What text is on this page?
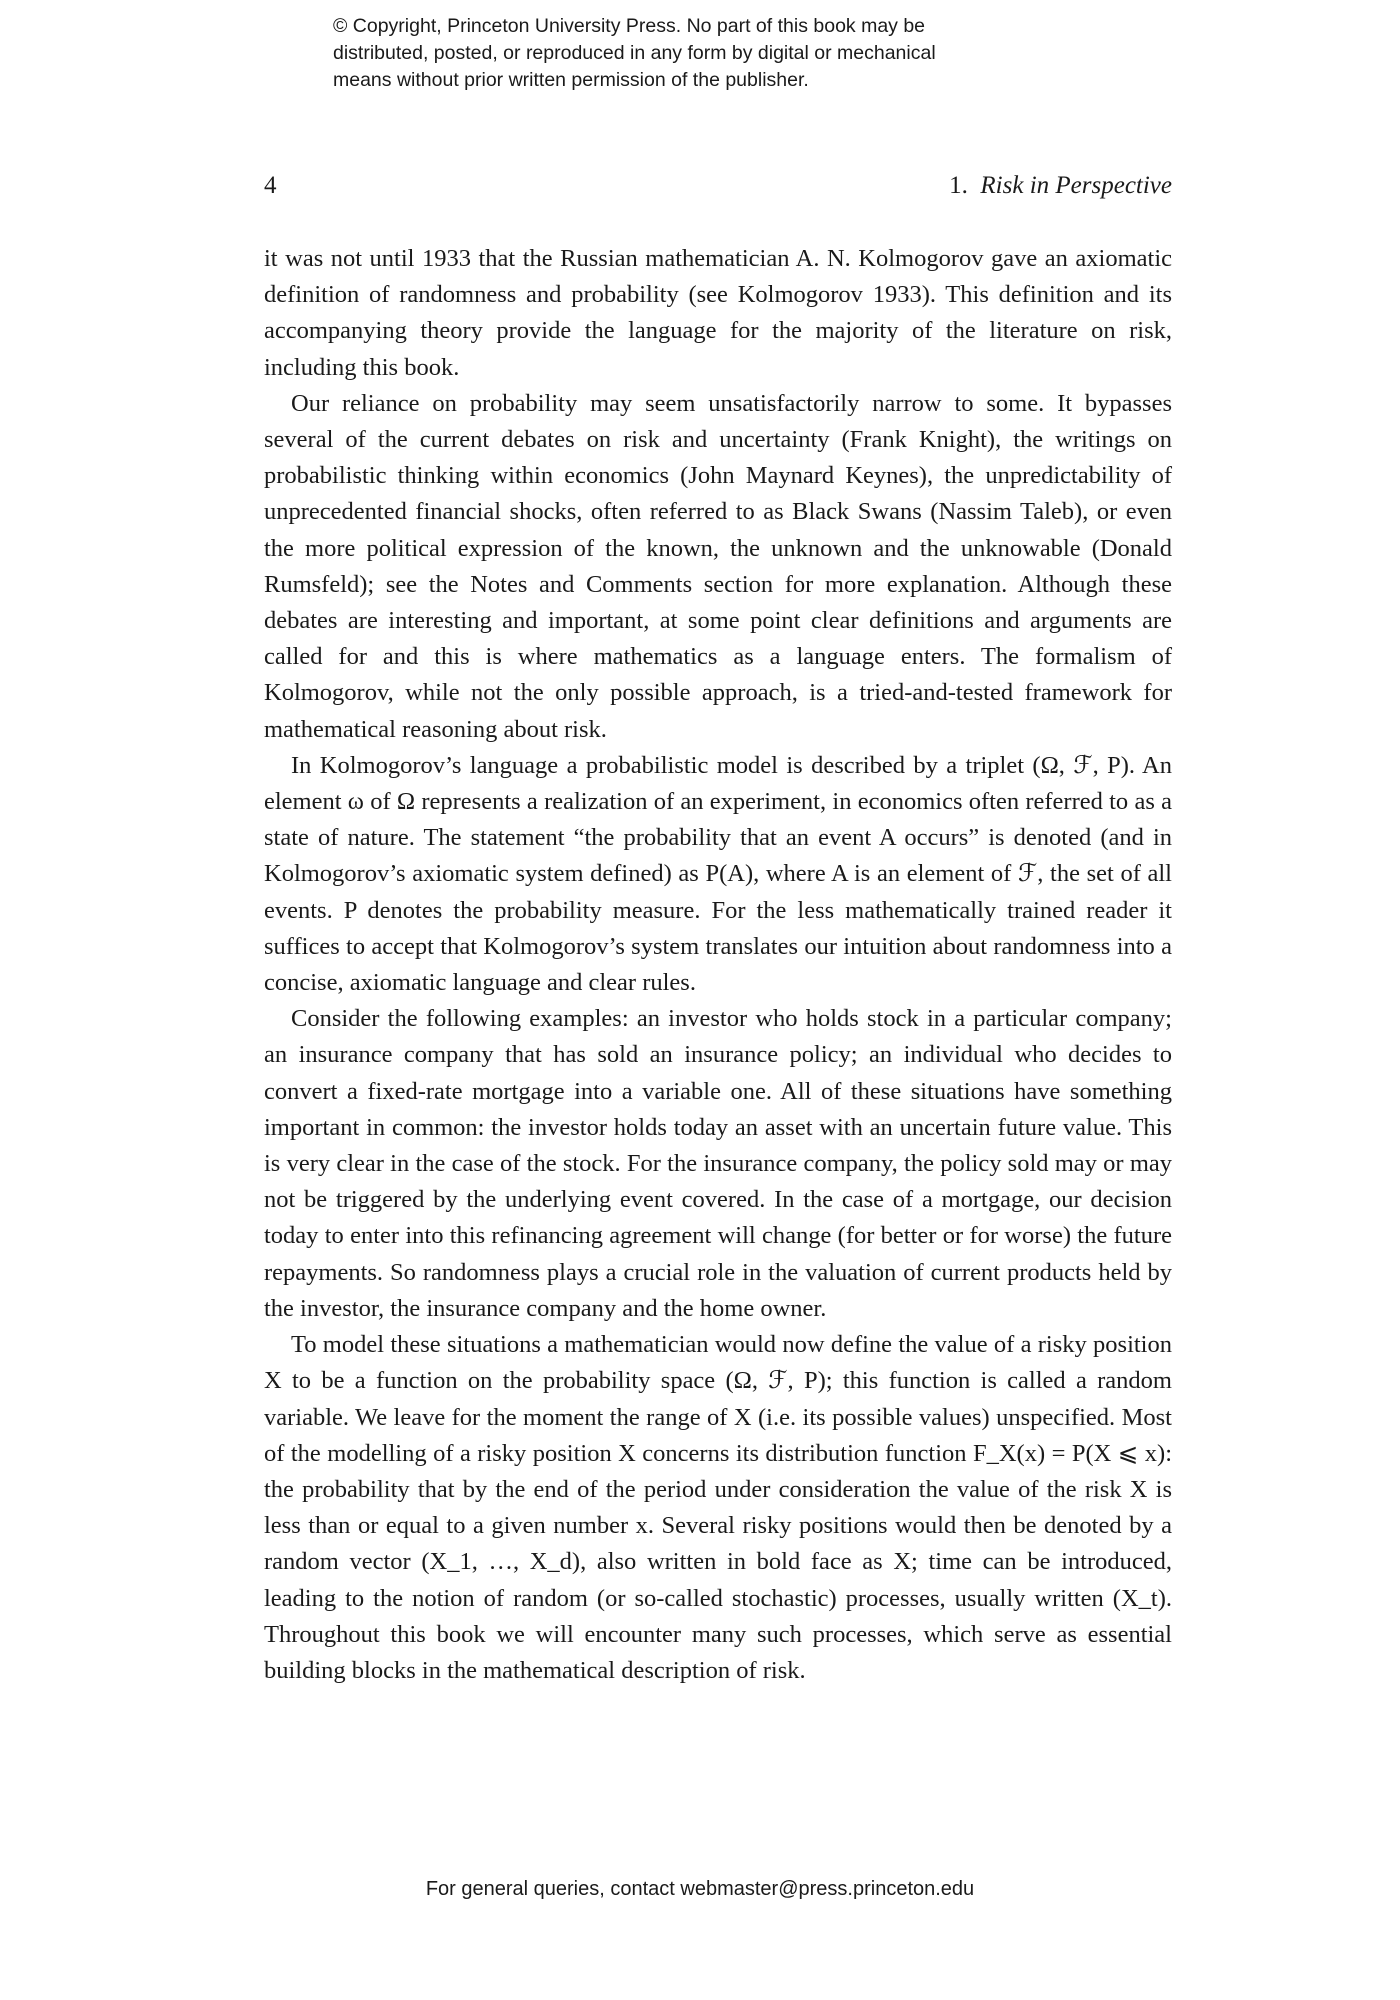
© Copyright, Princeton University Press. No part of this book may be
distributed, posted, or reproduced in any form by digital or mechanical
means without prior written permission of the publisher.
4	1. Risk in Perspective

it was not until 1933 that the Russian mathematician A. N. Kolmogorov gave an axiomatic definition of randomness and probability (see Kolmogorov 1933). This definition and its accompanying theory provide the language for the majority of the literature on risk, including this book.

Our reliance on probability may seem unsatisfactorily narrow to some. It bypasses several of the current debates on risk and uncertainty (Frank Knight), the writings on probabilistic thinking within economics (John Maynard Keynes), the unpredictability of unprecedented financial shocks, often referred to as Black Swans (Nassim Taleb), or even the more political expression of the known, the unknown and the unknowable (Donald Rumsfeld); see the Notes and Comments section for more explanation. Although these debates are interesting and important, at some point clear definitions and arguments are called for and this is where mathematics as a language enters. The formalism of Kolmogorov, while not the only possible approach, is a tried-and-tested framework for mathematical reasoning about risk.

In Kolmogorov’s language a probabilistic model is described by a triplet (Ω, ℱ, P). An element ω of Ω represents a realization of an experiment, in economics often referred to as a state of nature. The statement “the probability that an event A occurs” is denoted (and in Kolmogorov’s axiomatic system defined) as P(A), where A is an element of ℱ, the set of all events. P denotes the probability measure. For the less mathematically trained reader it suffices to accept that Kolmogorov’s system translates our intuition about randomness into a concise, axiomatic language and clear rules.

Consider the following examples: an investor who holds stock in a particular company; an insurance company that has sold an insurance policy; an individual who decides to convert a fixed-rate mortgage into a variable one. All of these situations have something important in common: the investor holds today an asset with an uncertain future value. This is very clear in the case of the stock. For the insurance company, the policy sold may or may not be triggered by the underlying event covered. In the case of a mortgage, our decision today to enter into this refinancing agreement will change (for better or for worse) the future repayments. So randomness plays a crucial role in the valuation of current products held by the investor, the insurance company and the home owner.

To model these situations a mathematician would now define the value of a risky position X to be a function on the probability space (Ω, ℱ, P); this function is called a random variable. We leave for the moment the range of X (i.e. its possible values) unspecified. Most of the modelling of a risky position X concerns its distribution function F_X(x) = P(X ⩽ x): the probability that by the end of the period under consideration the value of the risk X is less than or equal to a given number x. Several risky positions would then be denoted by a random vector (X_1, …, X_d), also written in bold face as X; time can be introduced, leading to the notion of random (or so-called stochastic) processes, usually written (X_t). Throughout this book we will encounter many such processes, which serve as essential building blocks in the mathematical description of risk.

For general queries, contact webmaster@press.princeton.edu
